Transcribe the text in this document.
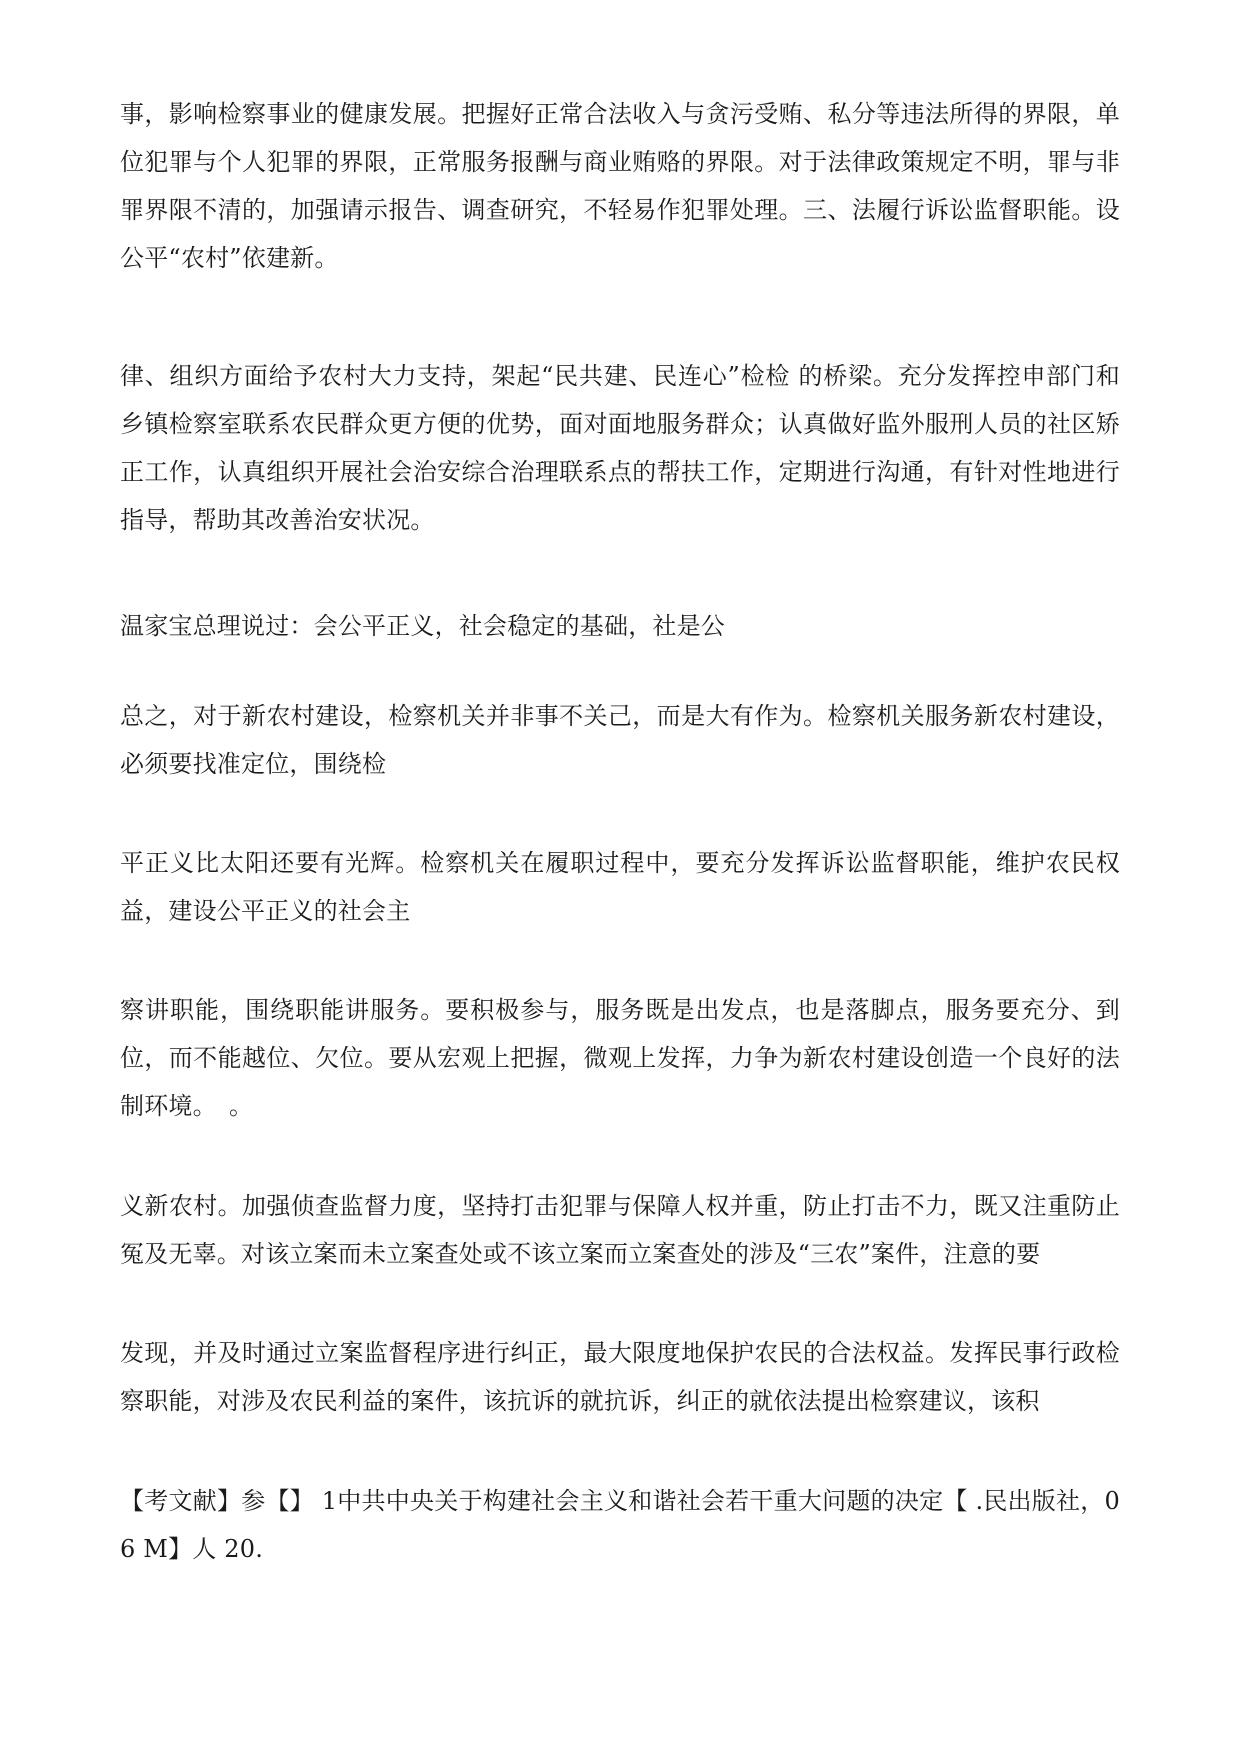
事，影响检察事业的健康发展。把握好正常合法收入与贪污受贿、私分等违法所得的界限，单位犯罪与个人犯罪的界限，正常服务报酬与商业贿赂的界限。对于法律政策规定不明，罪与非罪界限不清的，加强请示报告、调查研究，不轻易作犯罪处理。三、法履行诉讼监督职能。设公平“农村”依建新。

律、组织方面给予农村大力支持，架起“民共建、民连心”检检 的桥梁。充分发挥控申部门和乡镇检察室联系农民群众更方便的优势，面对面地服务群众；认真做好监外服刑人员的社区矫正工作，认真组织开展社会治安综合治理联系点的帮扶工作，定期进行沟通，有针对性地进行指导，帮助其改善治安状况。

温家宝总理说过：会公平正义，社会稳定的基础，社是公

总之，对于新农村建设，检察机关并非事不关己，而是大有作为。检察机关服务新农村建设，必须要找准定位，围绕检

平正义比太阳还要有光辉。检察机关在履职过程中，要充分发挥诉讼监督职能，维护农民权益，建设公平正义的社会主

察讲职能，围绕职能讲服务。要积极参与，服务既是出发点，也是落脚点，服务要充分、到位，而不能越位、欠位。要从宏观上把握，微观上发挥，力争为新农村建设创造一个良好的法制环境。　。

义新农村。加强侦查监督力度，坚持打击犯罪与保障人权并重，防止打击不力，既又注重防止冤及无辜。对该立案而未立案查处或不该立案而立案查处的涉及“三农”案件，注意的要

发现，并及时通过立案监督程序进行纠正，最大限度地保护农民的合法权益。发挥民事行政检察职能，对涉及农民利益的案件，该抗诉的就抗诉，纠正的就依法提出检察建议，该积

【考文献】参【】 1中共中央关于构建社会主义和谐社会若干重大问题的决定【 .民出版社，0 6 M】人 20.
